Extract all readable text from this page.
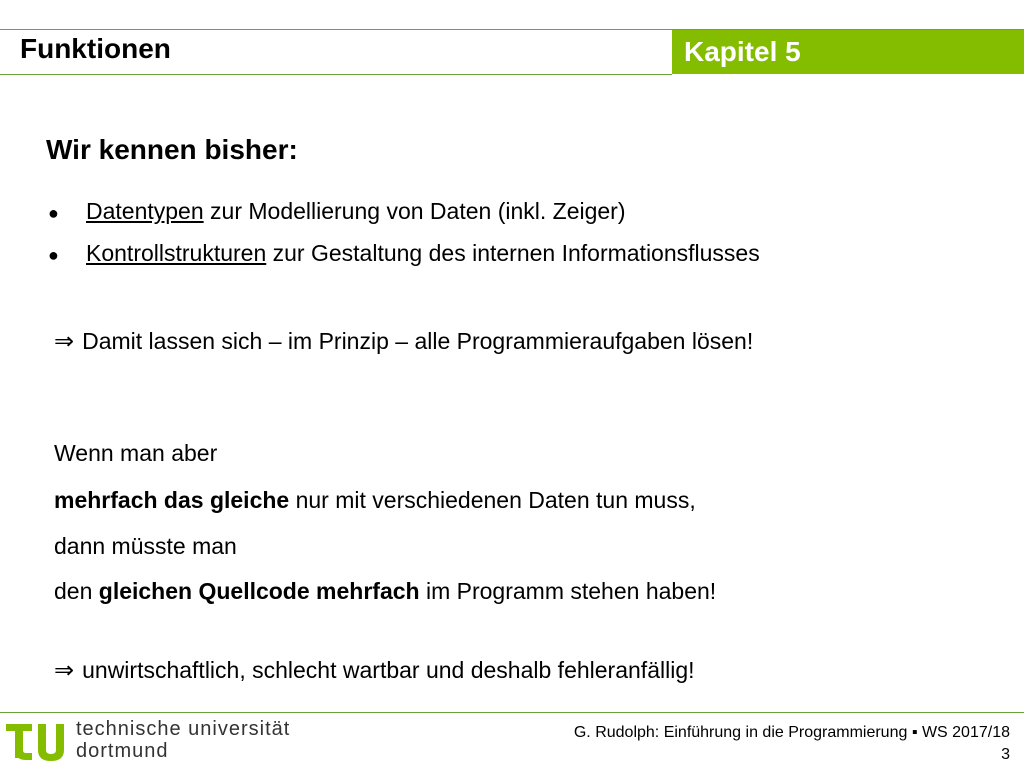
Funktionen	Kapitel 5
Wir kennen bisher:
●	Datentypen zur Modellierung von Daten (inkl. Zeiger)
●	Kontrollstrukturen zur Gestaltung des internen Informationsflusses
⇒ Damit lassen sich – im Prinzip – alle Programmieraufgaben lösen!
Wenn man aber
mehrfach das gleiche nur mit verschiedenen Daten tun muss,
dann müsste man
den gleichen Quellcode mehrfach im Programm stehen haben!
⇒ unwirtschaftlich, schlecht wartbar und deshalb fehleranfällig!
technische universität
dortmund
G. Rudolph: Einführung in die Programmierung ▪ WS 2017/18
3
